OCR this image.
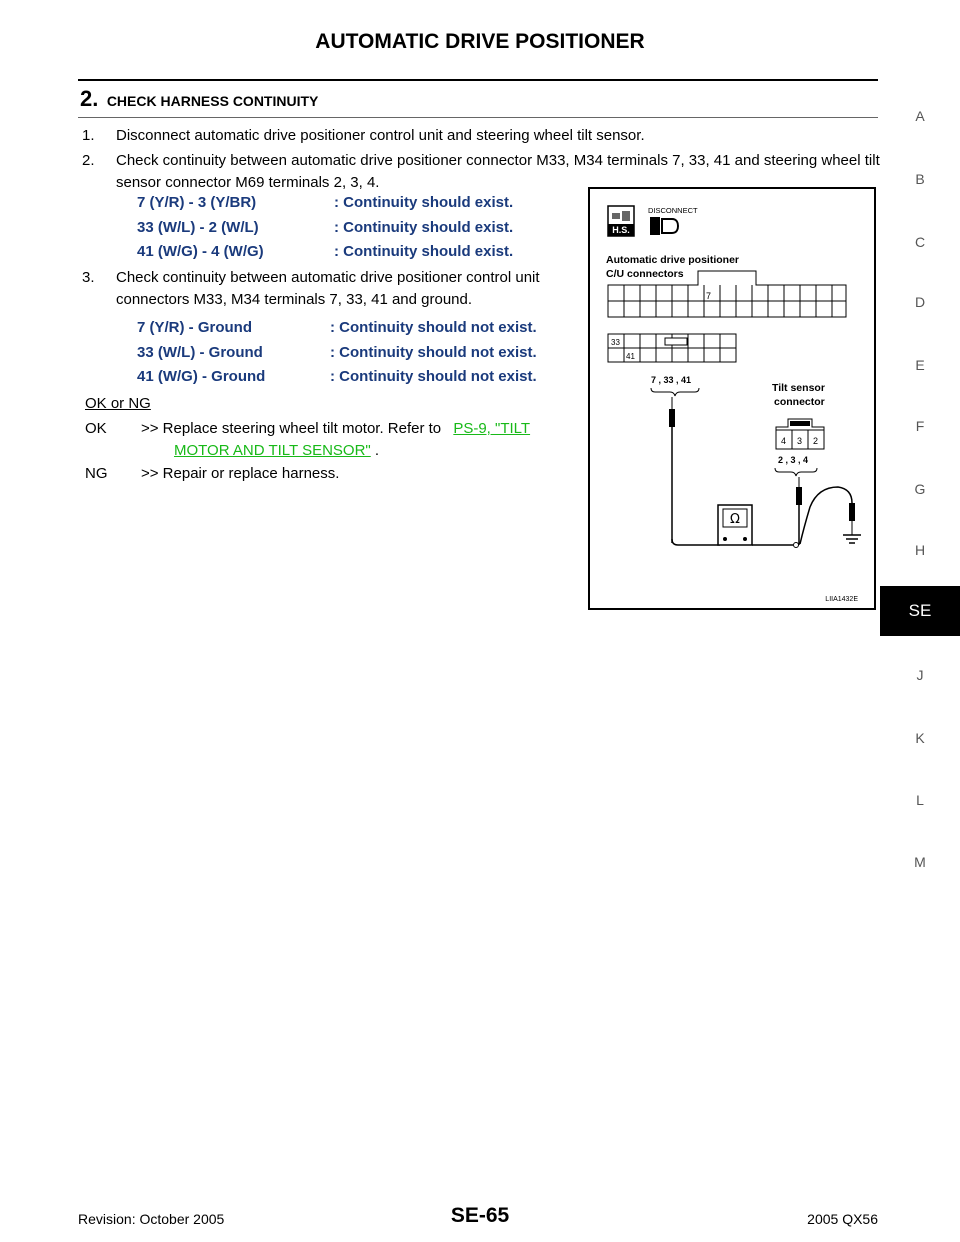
AUTOMATIC DRIVE POSITIONER
2. CHECK HARNESS CONTINUITY
1.	Disconnect automatic drive positioner control unit and steering wheel tilt sensor.
2.	Check continuity between automatic drive positioner connector M33, M34 terminals 7, 33, 41 and steering wheel tilt sensor connector M69 terminals 2, 3, 4.
7 (Y/R) - 3 (Y/BR)	: Continuity should exist.
33 (W/L) - 2 (W/L)	: Continuity should exist.
41 (W/G) - 4 (W/G)	: Continuity should exist.
3.	Check continuity between automatic drive positioner control unit connectors M33, M34 terminals 7, 33, 41 and ground.
7 (Y/R) - Ground	: Continuity should not exist.
33 (W/L) - Ground	: Continuity should not exist.
41 (W/G) - Ground	: Continuity should not exist.
OK or NG
OK >> Replace steering wheel tilt motor. Refer to PS-9, "TILT
MOTOR AND TILT SENSOR" .
NG >> Repair or replace harness.
H.S.
DISCONNECT
Automatic drive positioner
C/U connectors
7
33
41
7 , 33 , 41
Tilt sensor
connector
4 3 2
2 , 3 , 4
Ω
LIIA1432E
A
B
C
D
E
F
G
H
SE
J
K
L
M
Revision: October 2005	SE-65	2005 QX56
